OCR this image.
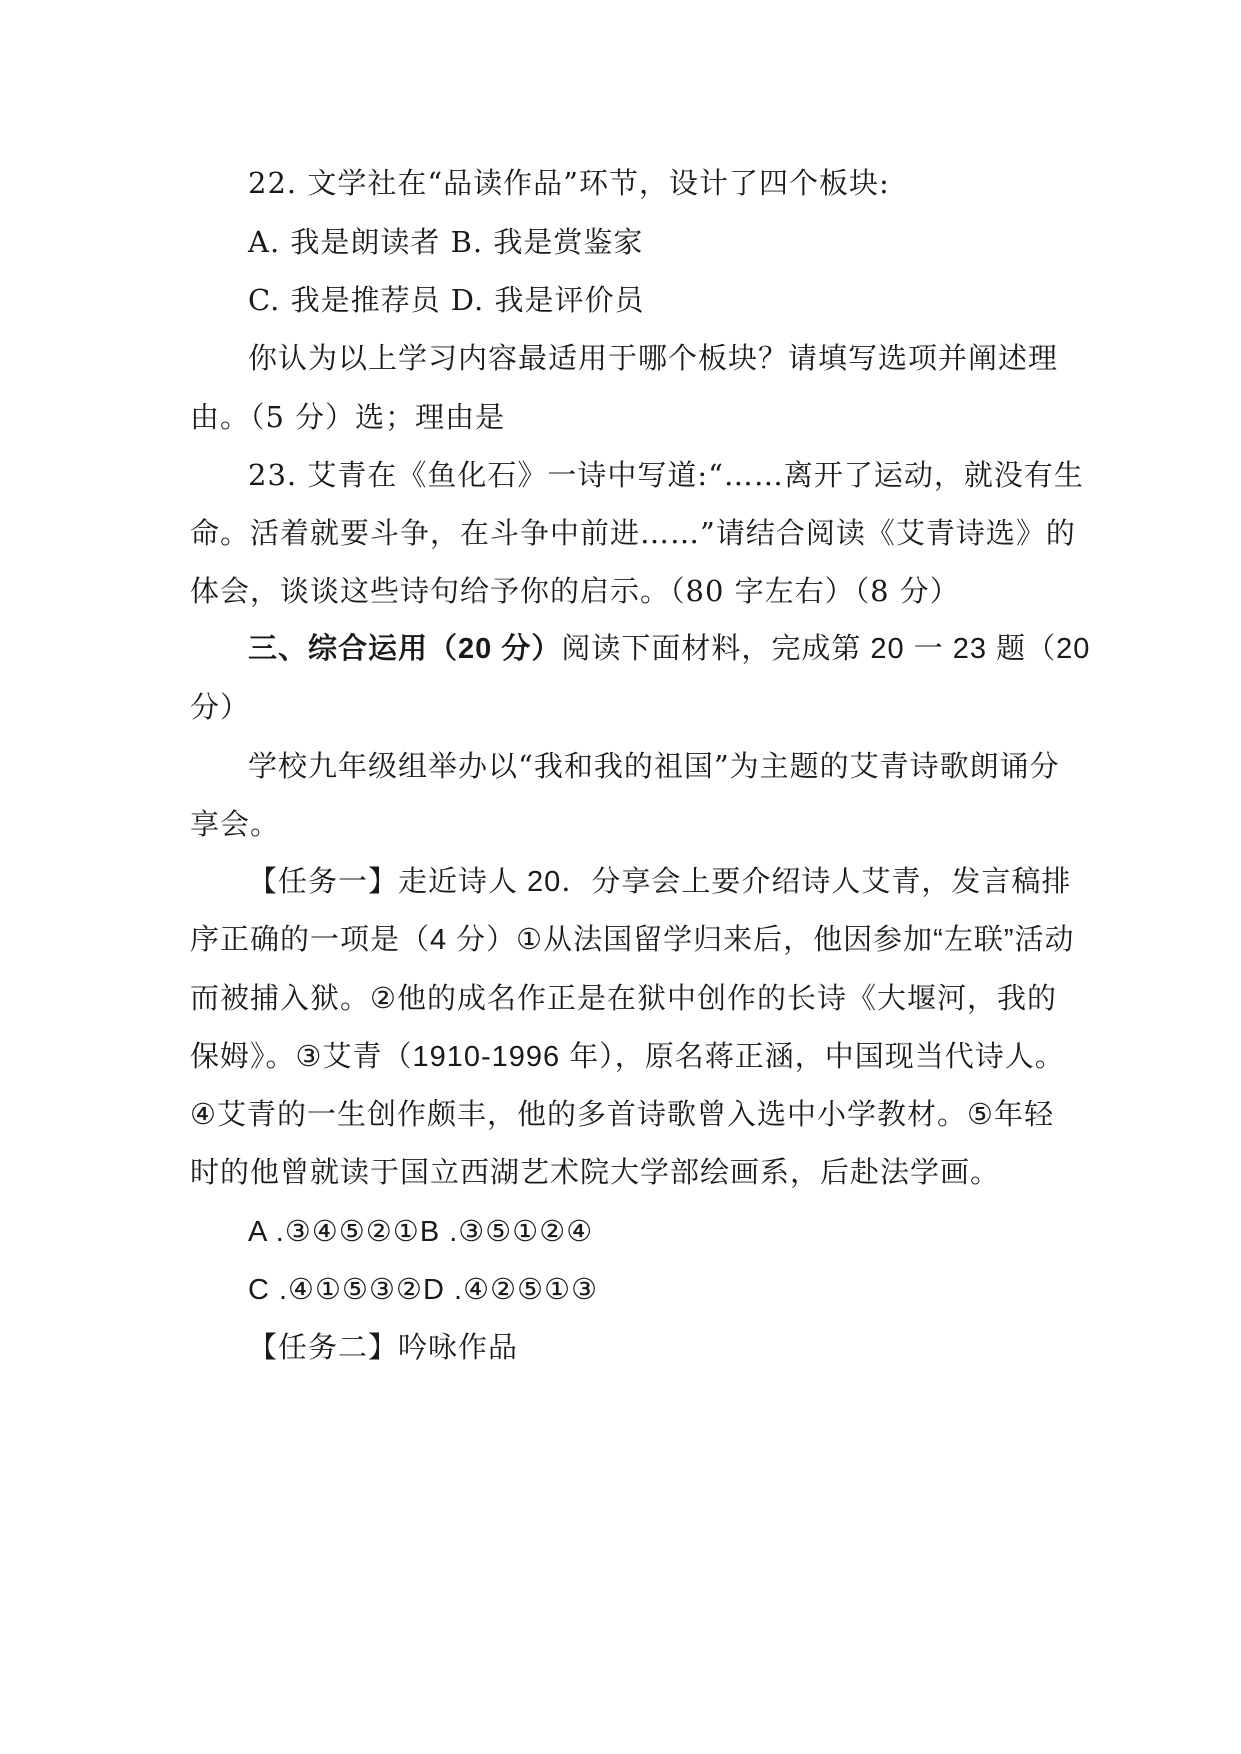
22. 文学社在“品读作品”环节，设计了四个板块:
A. 我是朗读者 B. 我是赏鉴家
C. 我是推荐员 D. 我是评价员
你认为以上学习内容最适用于哪个板块？请填写选项并阐述理
由。（5 分）选；理由是
23. 艾青在《鱼化石》一诗中写道:“……离开了运动，就没有生
命。活着就要斗争，在斗争中前进……”请结合阅读《艾青诗选》的
体会，谈谈这些诗句给予你的启示。（80 字左右）（8 分）
三、综合运用（20 分）阅读下面材料，完成第 20 一 23 题（20
分）
学校九年级组举办以“我和我的祖国”为主题的艾青诗歌朗诵分
享会。
【任务一】走近诗人 20．分享会上要介绍诗人艾青，发言稿排
序正确的一项是（4 分）①从法国留学归来后，他因参加“左联”活动
而被捕入狱。②他的成名作正是在狱中创作的长诗《大堰河，我的
保姆》。③艾青（1910-1996 年），原名蒋正涵，中国现当代诗人。
④艾青的一生创作颇丰，他的多首诗歌曾入选中小学教材。⑤年轻
时的他曾就读于国立西湖艺术院大学部绘画系，后赴法学画。
A .③④⑤②①B .③⑤①②④
C .④①⑤③②D .④②⑤①③
【任务二】吟咏作品
